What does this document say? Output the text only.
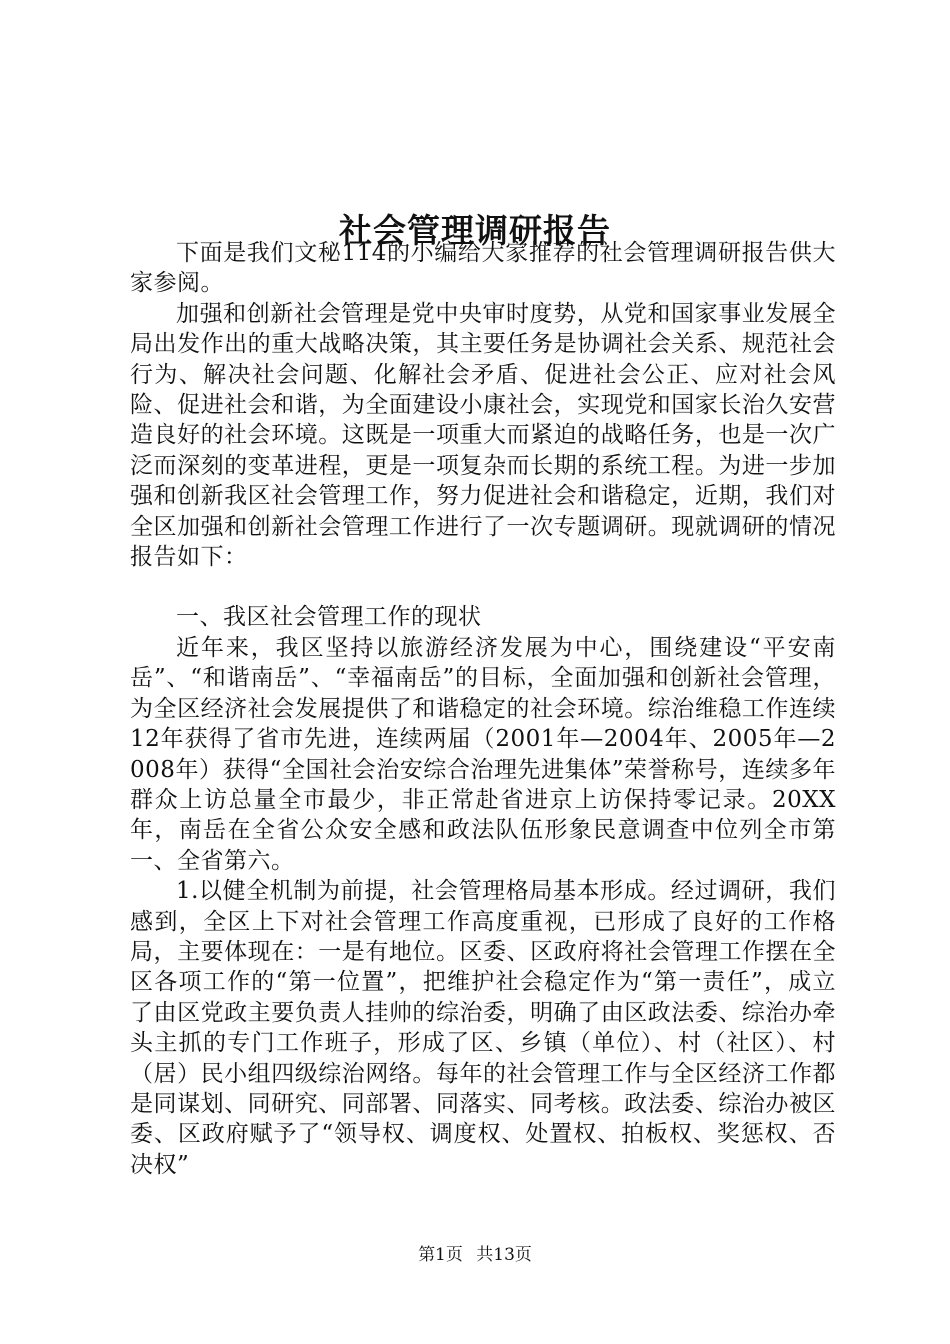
社会管理调研报告

下面是我们文秘114的小编给大家推荐的社会管理调研报告供大家参阅。

加强和创新社会管理是党中央审时度势，从党和国家事业发展全局出发作出的重大战略决策，其主要任务是协调社会关系、规范社会行为、解决社会问题、化解社会矛盾、促进社会公正、应对社会风险、促进社会和谐，为全面建设小康社会，实现党和国家长治久安营造良好的社会环境。这既是一项重大而紧迫的战略任务，也是一次广泛而深刻的变革进程，更是一项复杂而长期的系统工程。为进一步加强和创新我区社会管理工作，努力促进社会和谐稳定，近期，我们对全区加强和创新社会管理工作进行了一次专题调研。现就调研的情况报告如下：

一、我区社会管理工作的现状

近年来，我区坚持以旅游经济发展为中心，围绕建设“平安南岳”、“和谐南岳”、“幸福南岳”的目标，全面加强和创新社会管理，为全区经济社会发展提供了和谐稳定的社会环境。综治维稳工作连续12年获得了省市先进，连续两届（2001年—2004年、2005年—2008年）获得“全国社会治安综合治理先进集体”荣誉称号，连续多年群众上访总量全市最少，非正常赴省进京上访保持零记录。20XX年，南岳在全省公众安全感和政法队伍形象民意调查中位列全市第一、全省第六。

1.以健全机制为前提，社会管理格局基本形成。经过调研，我们感到，全区上下对社会管理工作高度重视，已形成了良好的工作格局，主要体现在：一是有地位。区委、区政府将社会管理工作摆在全区各项工作的“第一位置”，把维护社会稳定作为“第一责任”，成立了由区党政主要负责人挂帅的综治委，明确了由区政法委、综治办牵头主抓的专门工作班子，形成了区、乡镇（单位）、村（社区）、村（居）民小组四级综治网络。每年的社会管理工作与全区经济工作都是同谋划、同研究、同部署、同落实、同考核。政法委、综治办被区委、区政府赋予了“领导权、调度权、处置权、拍板权、奖惩权、否决权”

第1页 共13页
